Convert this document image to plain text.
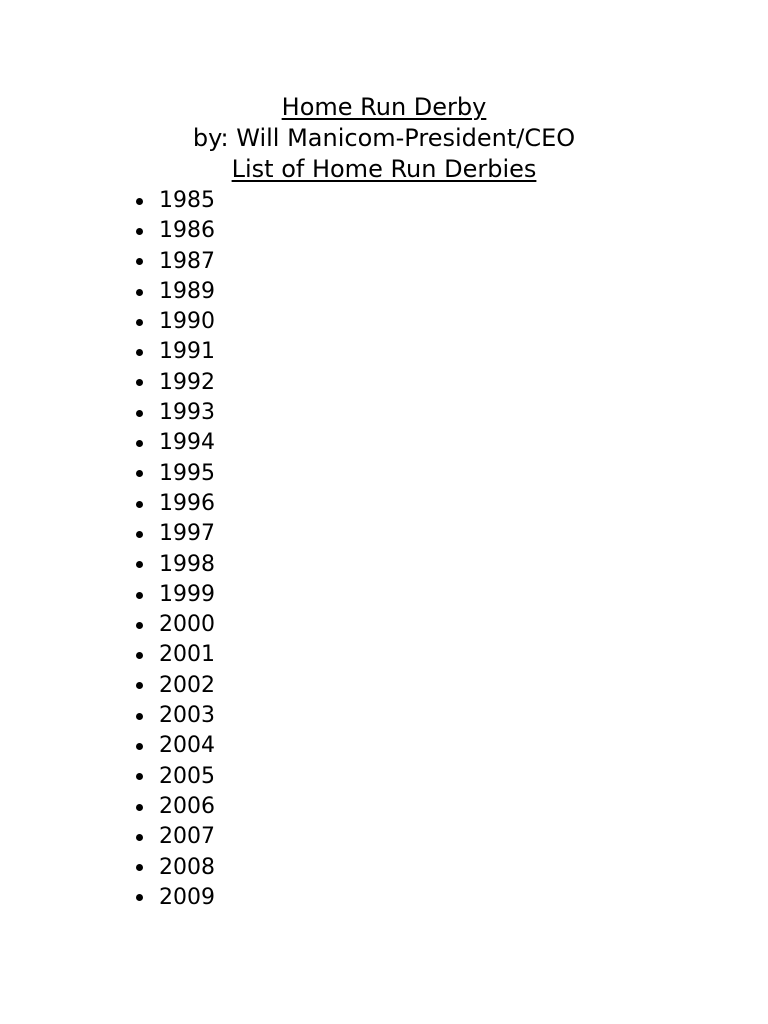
Home Run Derby
by: Will Manicom-President/CEO
List of Home Run Derbies
1985
1986
1987
1989
1990
1991
1992
1993
1994
1995
1996
1997
1998
1999
2000
2001
2002
2003
2004
2005
2006
2007
2008
2009
